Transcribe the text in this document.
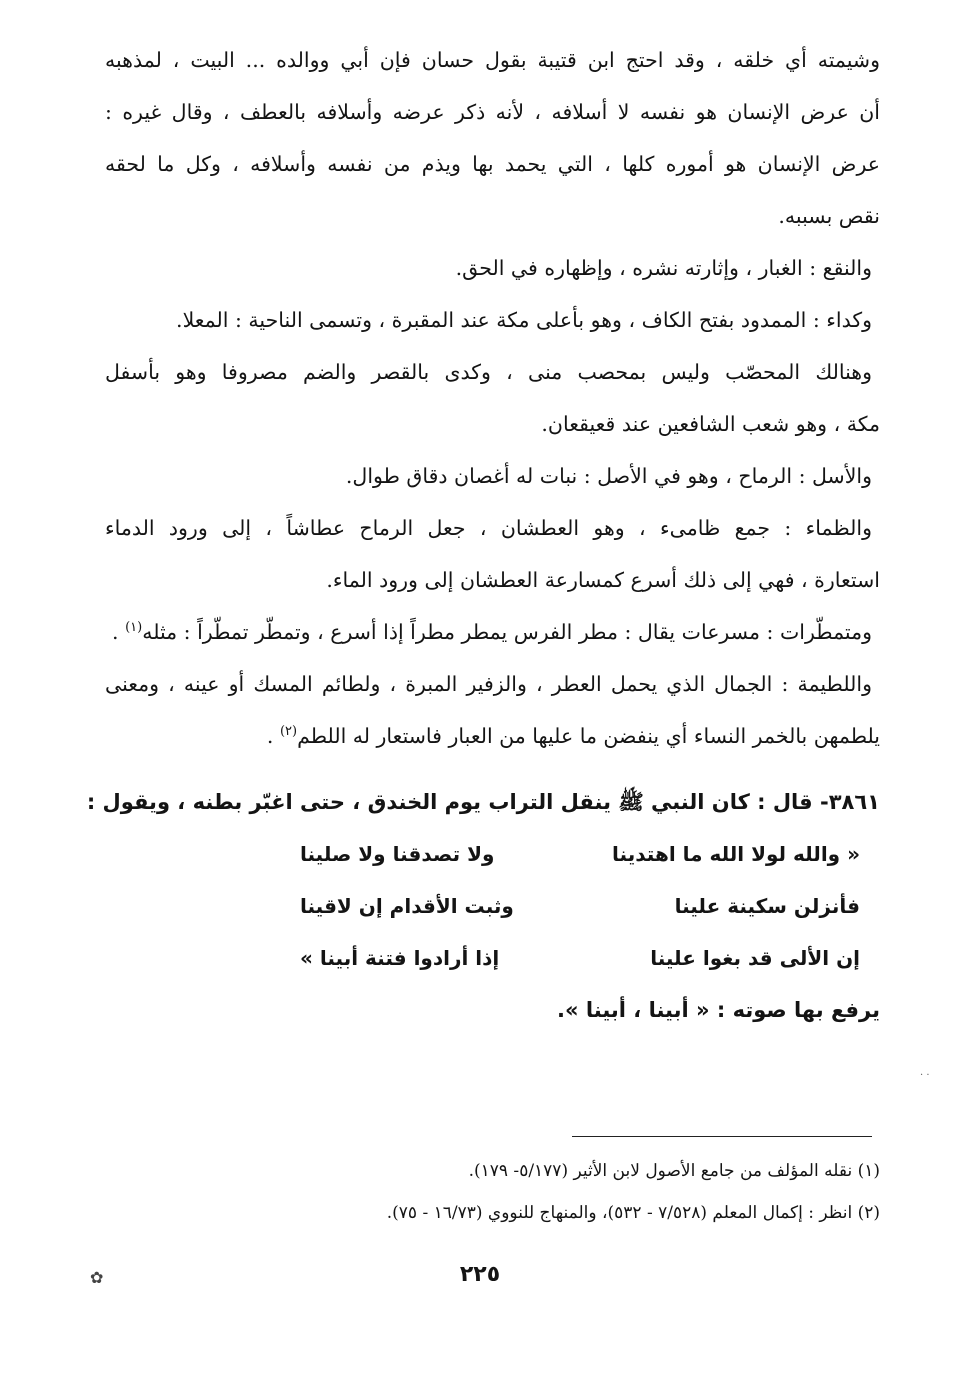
وشيمته أي خلقه ، وقد احتج ابن قتيبة بقول حسان فإن أبي ووالده ... البيت ، لمذهبه
أن عرض الإنسان هو نفسه لا أسلافه ، لأنه ذكر عرضه وأسلافه بالعطف ، وقال غيره :
عرض الإنسان هو أموره كلها ، التي يحمد بها ويذم من نفسه وأسلافه ، وكل ما لحقه
نقص بسببه.
والنقع : الغبار ، وإثارته نشره ، وإظهاره في الحق.
وكداء : الممدود بفتح الكاف ، وهو بأعلى مكة عند المقبرة ، وتسمى الناحية : المعلا.
وهنالك المحصّب وليس بمحصب منى ، وكدى بالقصر والضم مصروفا وهو بأسفل
مكة ، وهو شعب الشافعين عند قعيقعان.
والأسل : الرماح ، وهو في الأصل : نبات له أغصان دقاق طوال.
والظماء : جمع ظامىء ، وهو العطشان ، جعل الرماح عطاشاً ، إلى ورود الدماء
استعارة ، فهي إلى ذلك أسرع كمسارعة العطشان إلى ورود الماء.
ومتمطّرات : مسرعات يقال : مطر الفرس يمطر مطراً إذا أسرع ، وتمطّر تمطّراً : مثله$^{(١)}$ .
واللطيمة : الجمال الذي يحمل العطر ، والزفير المبرة ، ولطائم المسك أو عينه ، ومعنى
يلطمهن بالخمر النساء أي ينفضن ما عليها من العبار فاستعار له اللطم$^{(٢)}$ .
٣٨٦١- قال : كان النبي ﷺ ينقل التراب يوم الخندق ، حتى اغبّر بطنه ، ويقول :
« والله لولا الله ما اهتدينا
ولا تصدقنا ولا صلينا
فأنزلن سكينة علينا
وثبت الأقدام إن لاقينا
إن الألى قد بغوا علينا
إذا أرادوا فتنة أبينا »
يرفع بها صوته : « أبينا ، أبينا ».
(١) نقله المؤلف من جامع الأصول لابن الأثير (٥/١٧٧- ١٧٩).
(٢) انظر : إكمال المعلم (٧/٥٢٨ - ٥٣٢)، والمنهاج للنووي (١٦/٧٣ - ٧٥).
٢٢٥
✿
· ·
